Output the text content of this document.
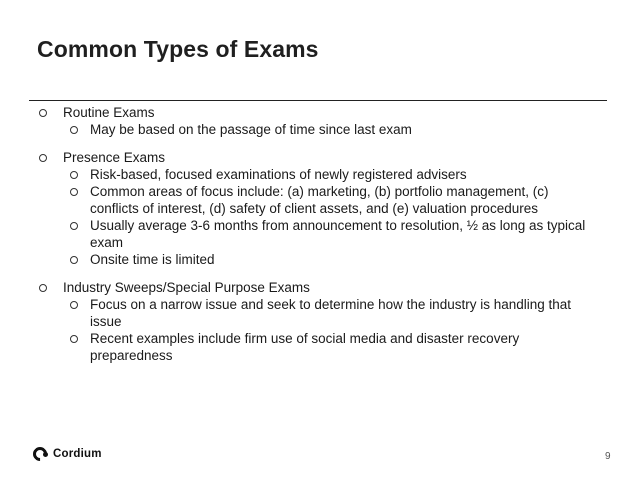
Common Types of Exams
Routine Exams
May be based on the passage of time since last exam
Presence Exams
Risk-based, focused examinations of newly registered advisers
Common areas of focus include: (a) marketing, (b) portfolio management, (c) conflicts of interest, (d) safety of client assets, and (e) valuation procedures
Usually average 3-6 months from announcement to resolution, ½ as long as typical exam
Onsite time is limited
Industry Sweeps/Special Purpose Exams
Focus on a narrow issue and seek to determine how the industry is handling that issue
Recent examples include firm use of social media and disaster recovery preparedness
Cordium	9
